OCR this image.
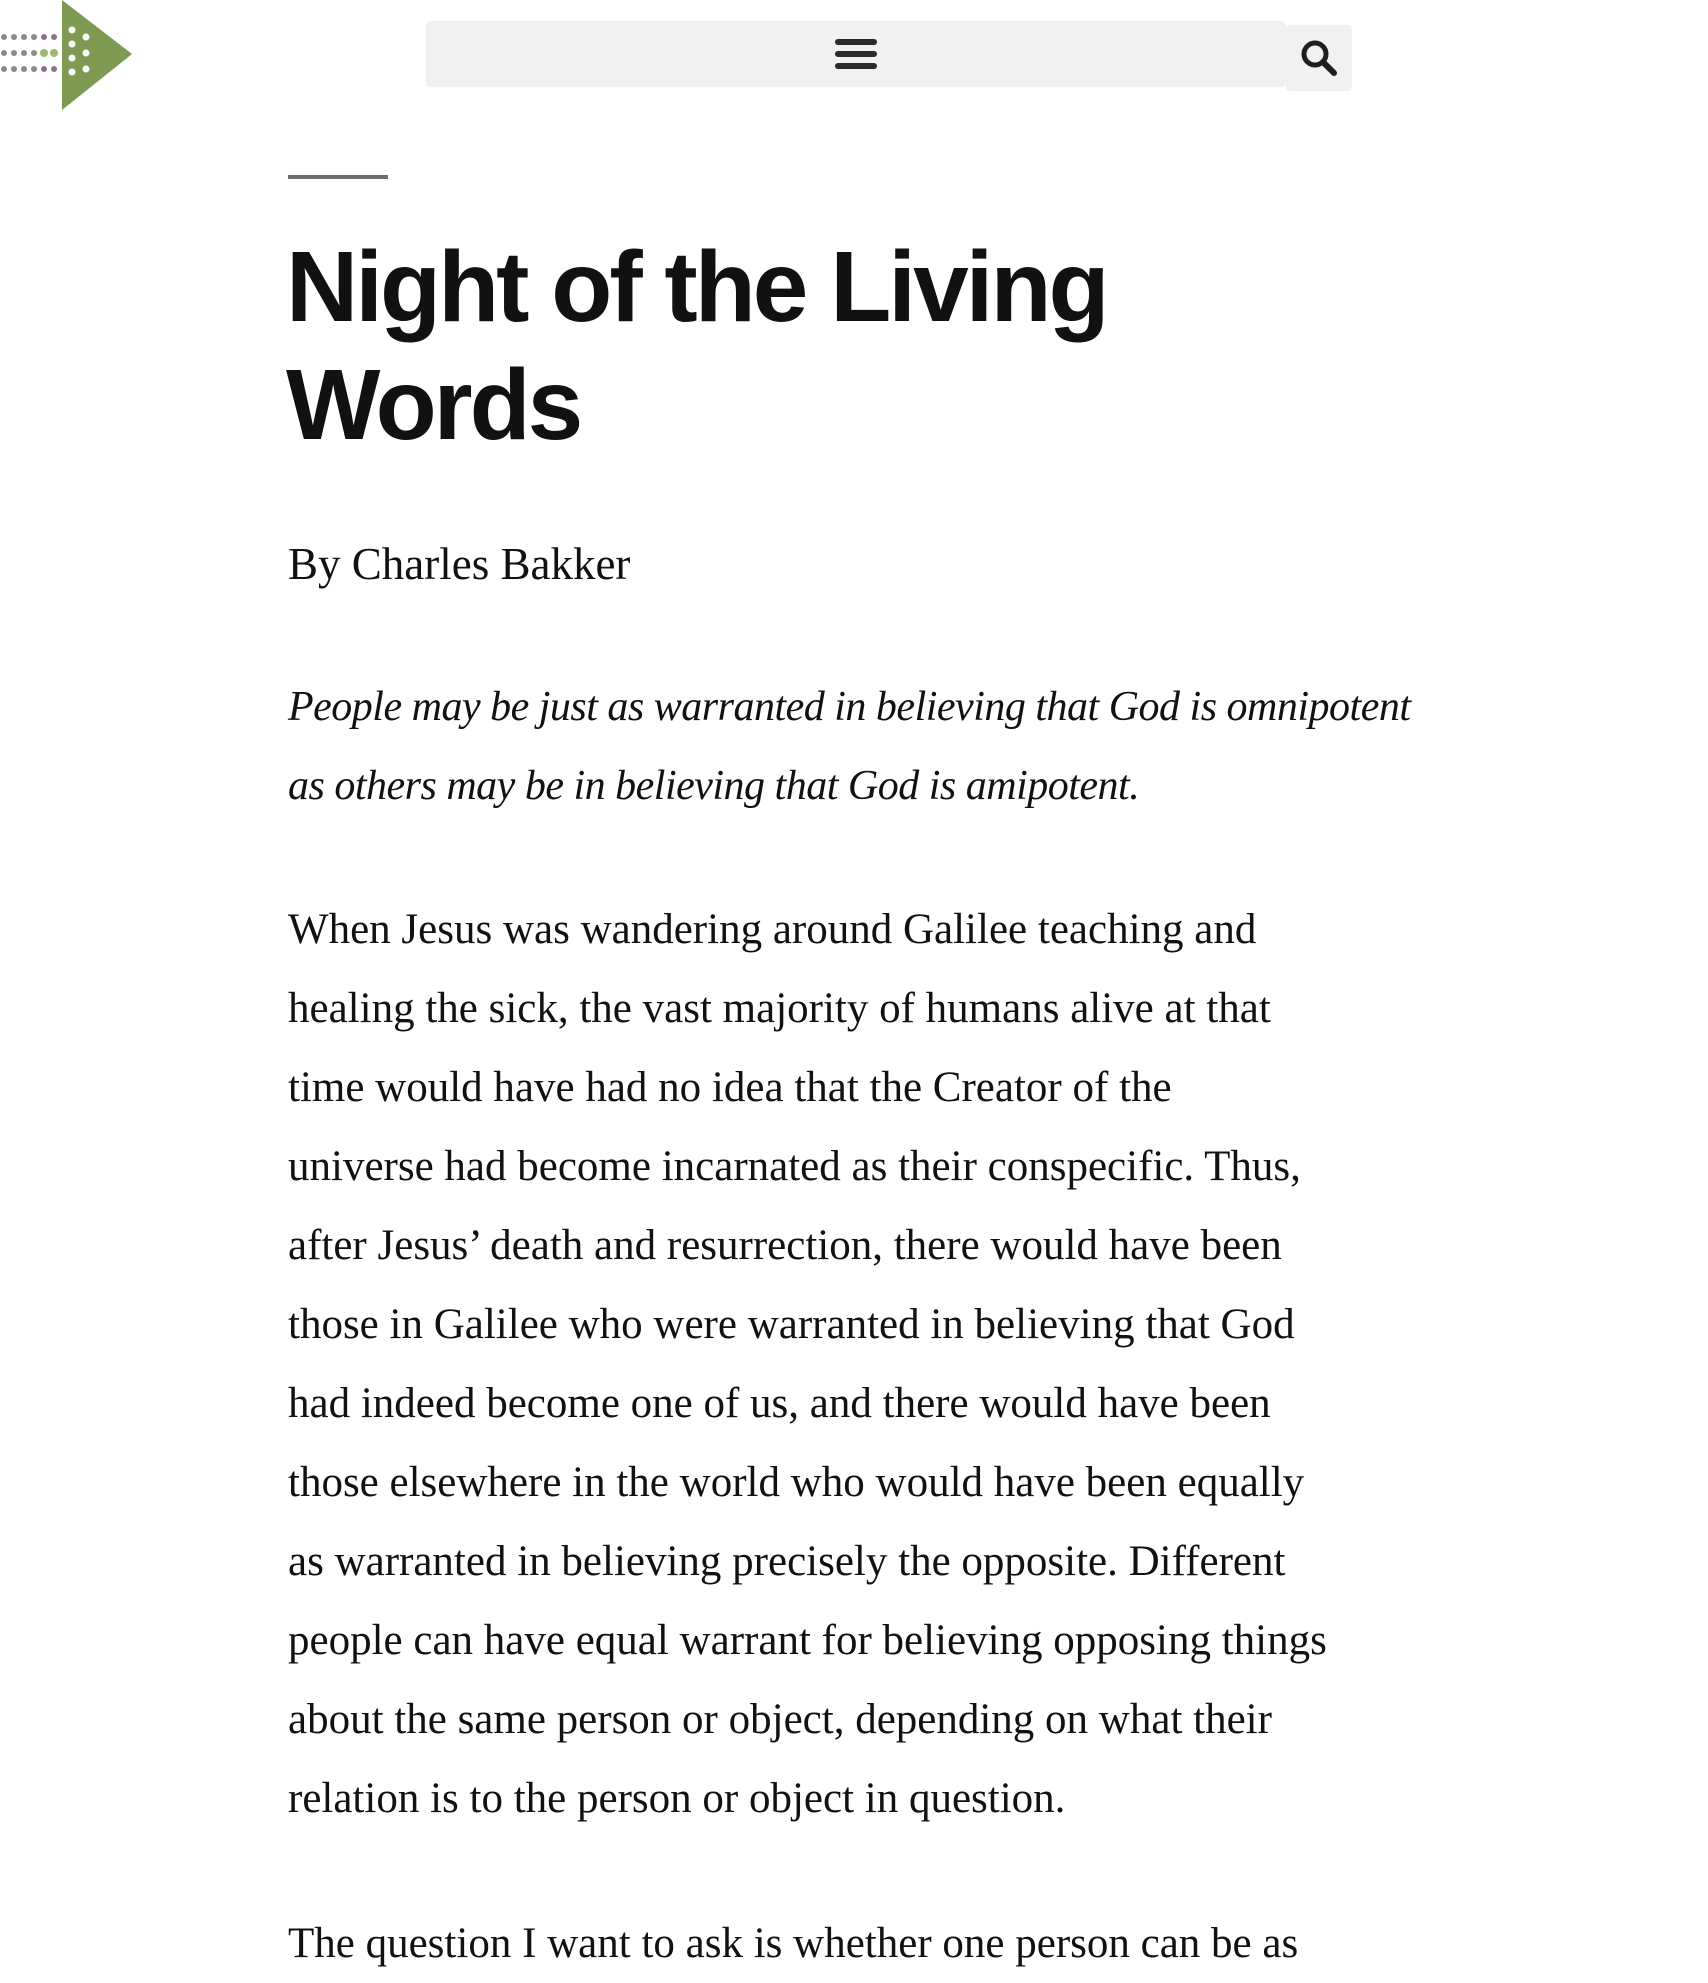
Night of the Living Words
By Charles Bakker

People may be just as warranted in believing that God is omnipotent as others may be in believing that God is amipotent.

When Jesus was wandering around Galilee teaching and
healing the sick, the vast majority of humans alive at that
time would have had no idea that the Creator of the
universe had become incarnated as their conspecific. Thus,
after Jesus’ death and resurrection, there would have been
those in Galilee who were warranted in believing that God
had indeed become one of us, and there would have been
those elsewhere in the world who would have been equally
as warranted in believing precisely the opposite. Different
people can have equal warrant for believing opposing things
about the same person or object, depending on what their
relation is to the person or object in question.

The question I want to ask is whether one person can be as
